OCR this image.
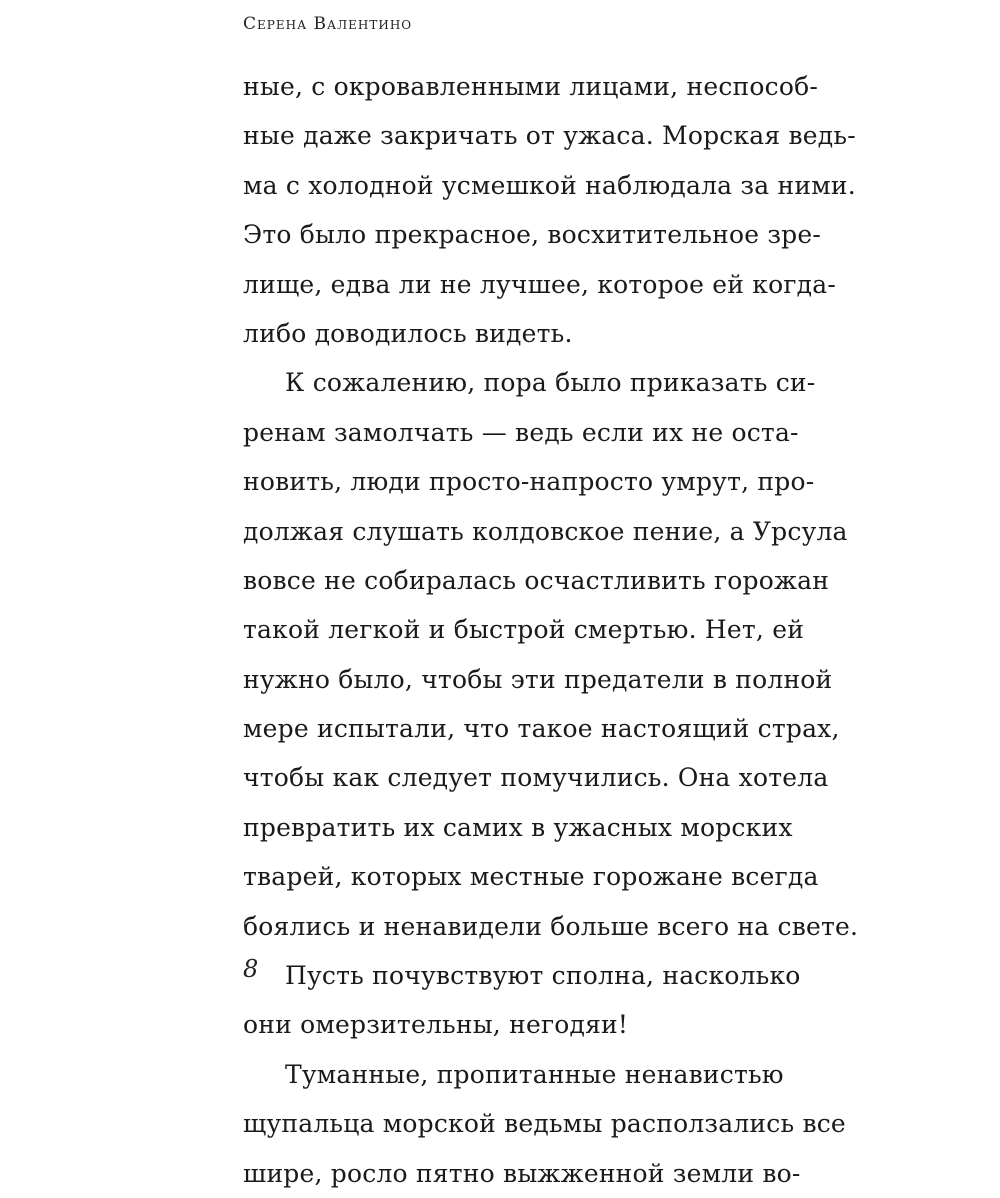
Серена Валентино
ные, с окровавленными лицами, неспособ-
ные даже закричать от ужаса. Морская ведь-
ма с холодной усмешкой наблюдала за ними.
Это было прекрасное, восхитительное зре-
лище, едва ли не лучшее, которое ей когда-
либо доводилось видеть.
К сожалению, пора было приказать си-
ренам замолчать — ведь если их не оста-
новить, люди просто-напросто умрут, про-
должая слушать колдовское пение, а Урсула
вовсе не собиралась осчастливить горожан
такой легкой и быстрой смертью. Нет, ей
нужно было, чтобы эти предатели в полной
мере испытали, что такое настоящий страх,
чтобы как следует помучились. Она хотела
превратить их самих в ужасных морских
тварей, которых местные горожане всегда
боялись и ненавидели больше всего на свете.
Пусть почувствуют сполна, насколько
они омерзительны, негодяи!
Туманные, пропитанные ненавистью
щупальца морской ведьмы расползались все
шире, росло пятно выжженной земли во-
8
